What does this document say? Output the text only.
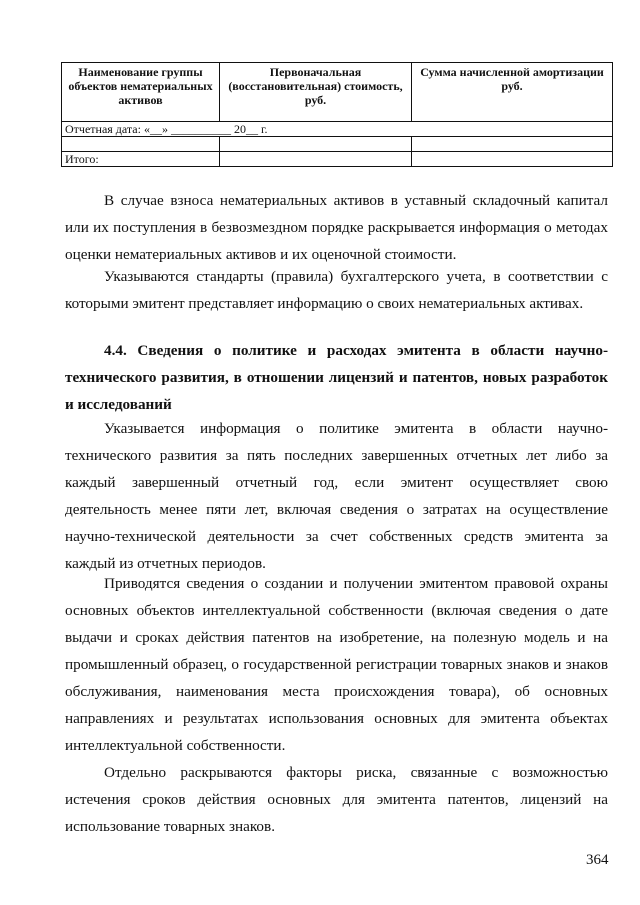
Наименование группы объектов нематериальных активов	Первоначальная (восстановительная) стоимость, руб.	Сумма начисленной амортизации руб.
Отчетная дата: «__» __________ 20__ г.		

Итого:		

В случае взноса нематериальных активов в уставный складочный капитал или их поступления в безвозмездном порядке раскрывается информация о методах оценки нематериальных активов и их оценочной стоимости.

Указываются стандарты (правила) бухгалтерского учета, в соответствии с которыми эмитент представляет информацию о своих нематериальных активах.

4.4. Сведения о политике и расходах эмитента в области научно-технического развития, в отношении лицензий и патентов, новых разработок и исследований

Указывается информация о политике эмитента в области научно-технического развития за пять последних завершенных отчетных лет либо за каждый завершенный отчетный год, если эмитент осуществляет свою деятельность менее пяти лет, включая сведения о затратах на осуществление научно-технической деятельности за счет собственных средств эмитента за каждый из отчетных периодов.

Приводятся сведения о создании и получении эмитентом правовой охраны основных объектов интеллектуальной собственности (включая сведения о дате выдачи и сроках действия патентов на изобретение, на полезную модель и на промышленный образец, о государственной регистрации товарных знаков и знаков обслуживания, наименования места происхождения товара), об основных направлениях и результатах использования основных для эмитента объектах интеллектуальной собственности.

Отдельно раскрываются факторы риска, связанные с возможностью истечения сроков действия основных для эмитента патентов, лицензий на использование товарных знаков.

364
